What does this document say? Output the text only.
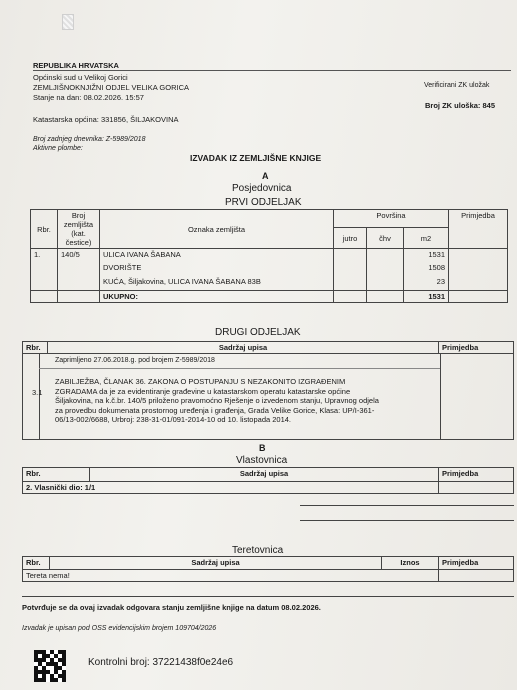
REPUBLIKA HRVATSKA
Općinski sud u Velikoj Gorici
ZEMLJIŠNOKNJIŽNI ODJEL VELIKA GORICA
Stanje na dan: 08.02.2026. 15:57
Verificirani ZK uložak
Katastarska općina: 331856, ŠILJAKOVINA
Broj ZK uloška: 845
Broj zadnjeg dnevnika: Z-5989/2018
Aktivne plombe:
IZVADAK IZ ZEMLJIŠNE KNJIGE
A
Posjedovnica
PRVI ODJELJAK
Rbr.	Broj zemljišta (kat. čestice)	Oznaka zemljišta	Površina			Primjedba
			jutro	čhv	m2	
1.	140/5	ULICA IVANA ŠABANA			1531	
		DVORIŠTE			1508	
		KUĆA, Šiljakovina, ULICA IVANA ŠABANA 83B			23	
		UKUPNO:			1531	
DRUGI ODJELJAK
Rbr.	Sadržaj upisa	Primjedba
Zaprimljeno 27.06.2018.g. pod brojem Z-5989/2018
3.1
ZABILJEŽBA, ČLANAK 36. ZAKONA O POSTUPANJU S NEZAKONITO IZGRAĐENIM
ZGRADAMA da je za evidentiranje građevine u katastarskom operatu katastarske općine
Šiljakovina, na k.č.br. 140/5 priloženo pravomoćno Rješenje o izvedenom stanju, Upravnog odjela
za provedbu dokumenata prostornog uređenja i građenja, Grada Velike Gorice, Klasa: UP/I-361-
06/13-002/6688, Urbroj: 238-31-01/091-2014-10 od 10. listopada 2014.
B
Vlastovnica
Rbr.	Sadržaj upisa	Primjedba
2. Vlasnički dio: 1/1		
Teretovnica
Rbr.	Sadržaj upisa	Iznos	Primjedba
Tereta nema!			
Potvrđuje se da ovaj izvadak odgovara stanju zemljišne knjige na datum 08.02.2026.
Izvadak je upisan pod OSS evidencijskim brojem 109704/2026
Kontrolni broj: 37221438f0e24e6
